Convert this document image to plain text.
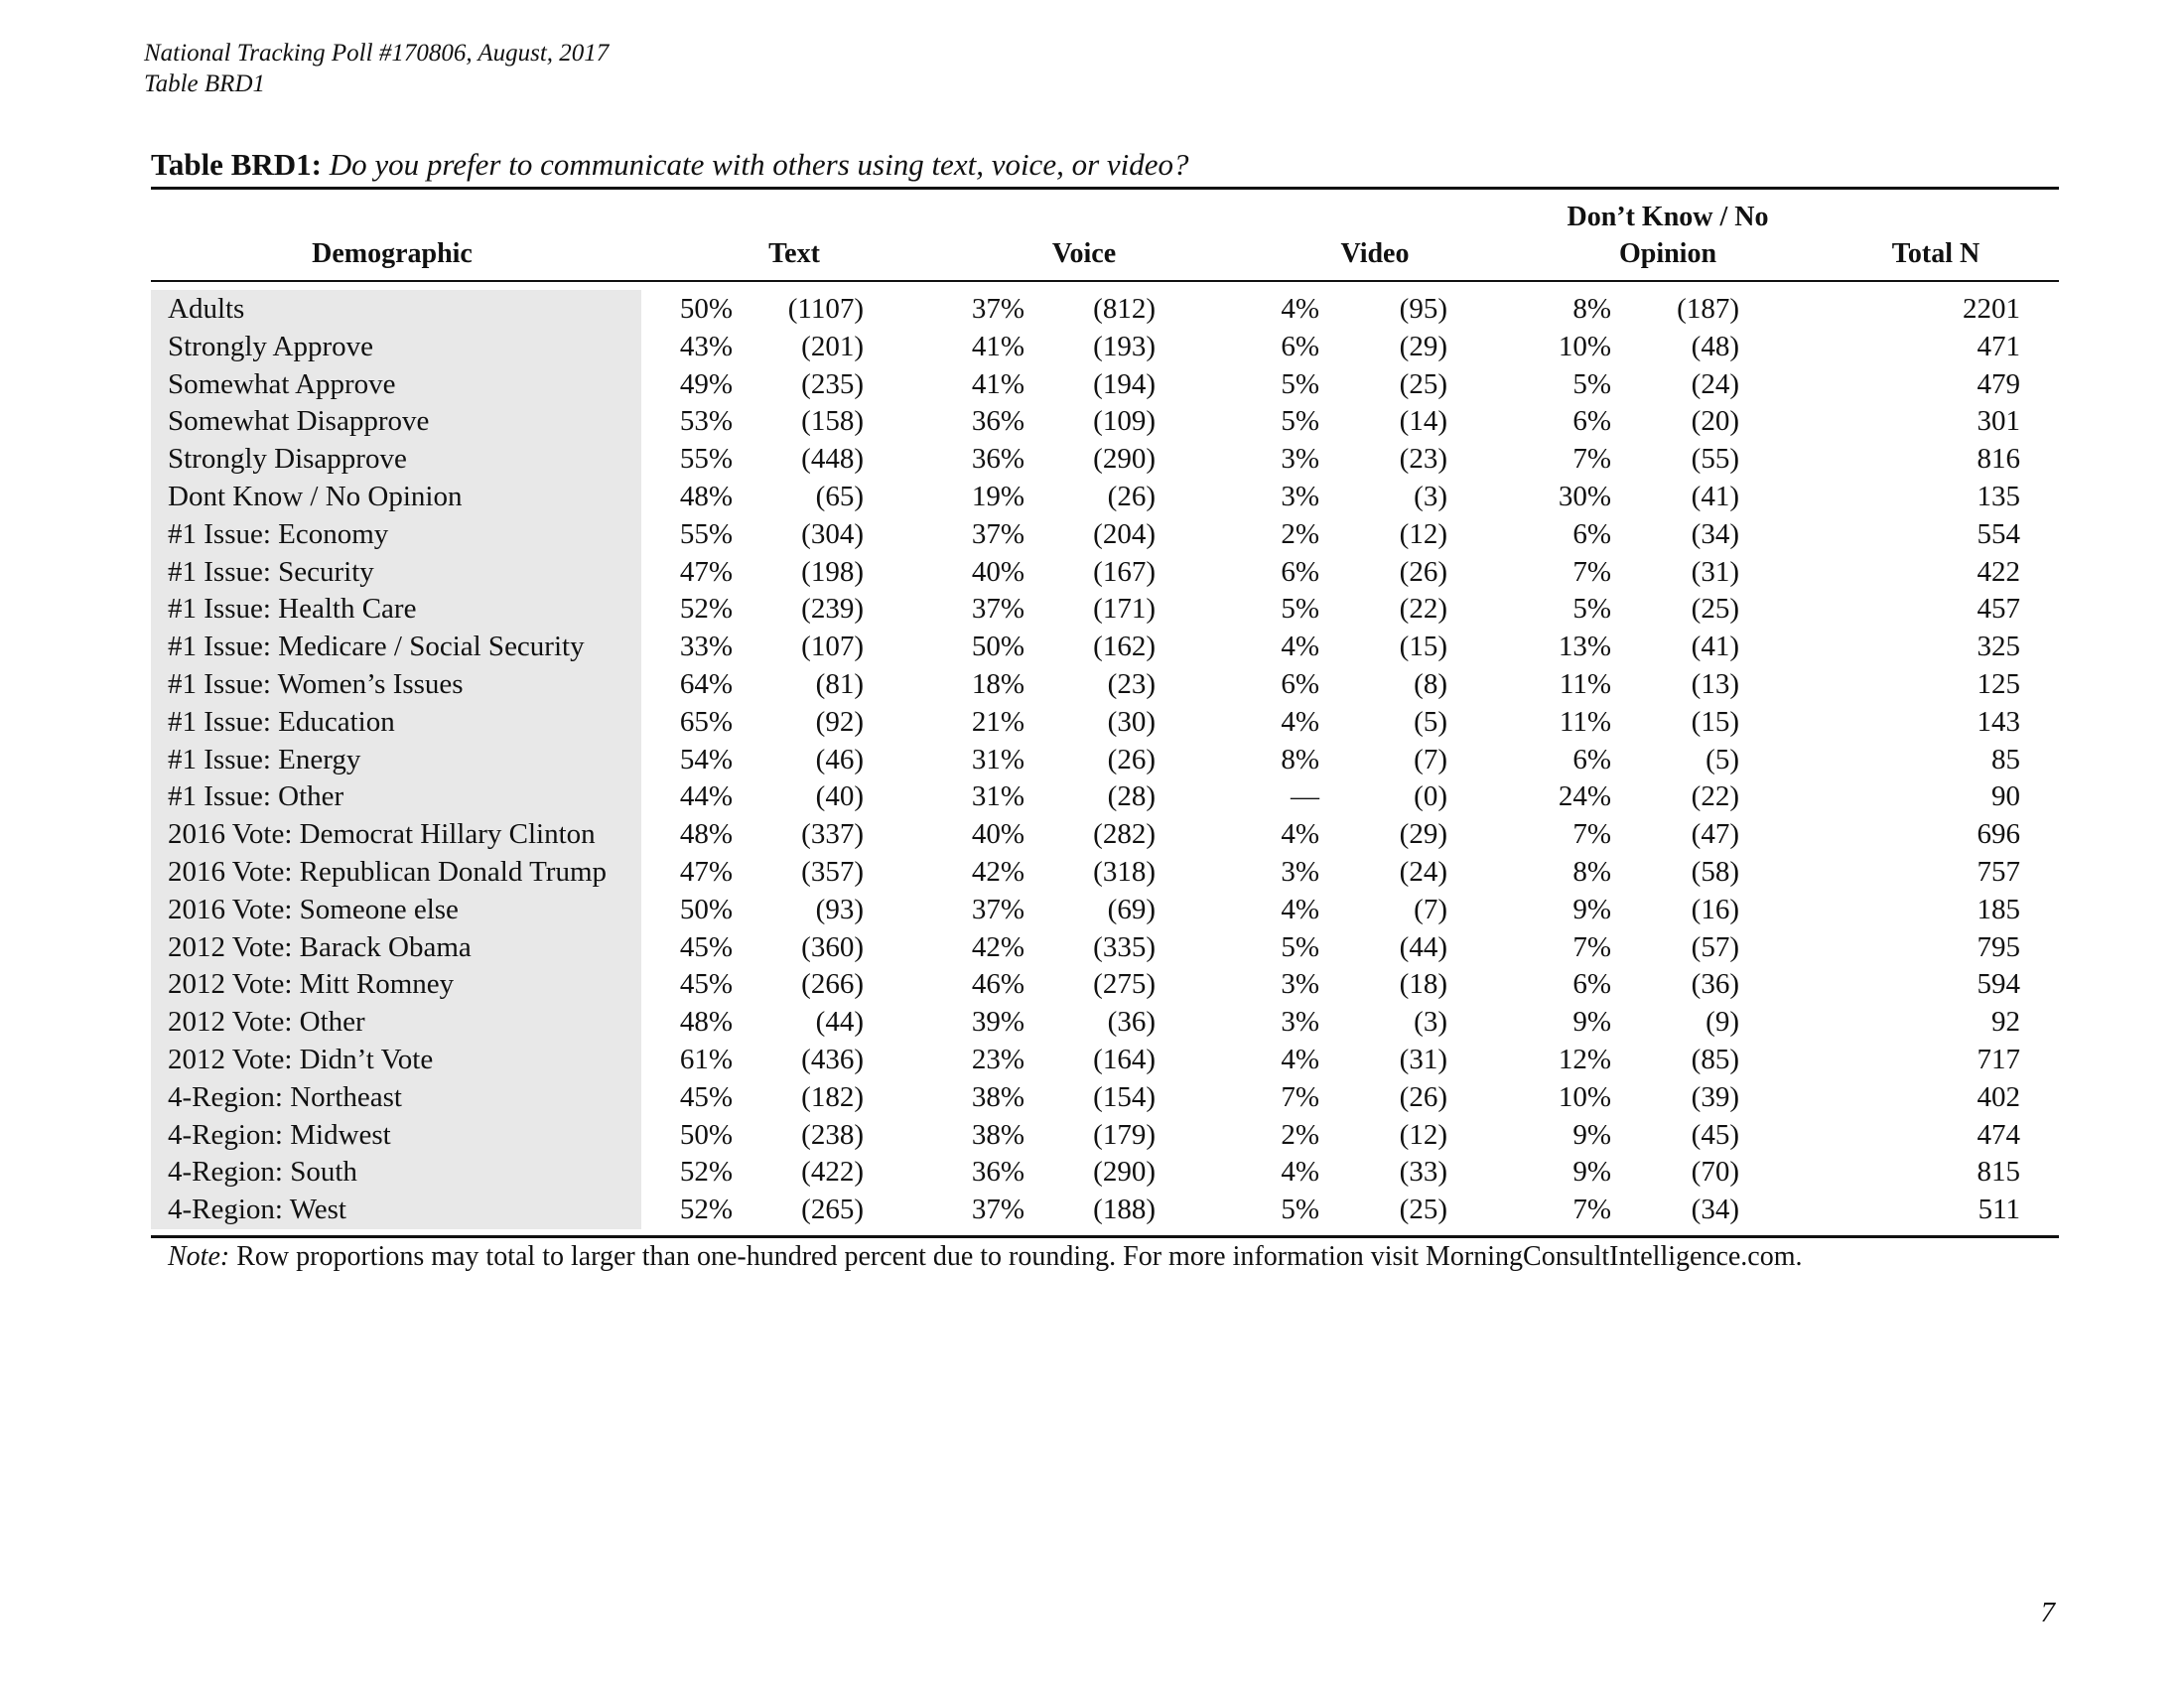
National Tracking Poll #170806, August, 2017
Table BRD1
Table BRD1: Do you prefer to communicate with others using text, voice, or video?
Demographic	Text	Voice	Video
Don’t Know / No
Opinion	Total N
Adults	50% (1107)	37% (812)	4%	(95)	8% (187)	2201
Strongly Approve	43% (201)	41% (193)	6%	(29)	10%	(48)	471
Somewhat Approve	49% (235)	41% (194)	5%	(25)	5%	(24)	479
Somewhat Disapprove	53% (158)	36% (109)	5%	(14)	6%	(20)	301
Strongly Disapprove	55% (448)	36% (290)	3%	(23)	7%	(55)	816
Dont Know / No Opinion	48%	(65)	19%	(26)	3%	(3)	30%	(41)	135
#1 Issue: Economy	55% (304)	37% (204)	2%	(12)	6%	(34)	554
#1 Issue: Security	47% (198)	40% (167)	6%	(26)	7%	(31)	422
#1 Issue: Health Care	52% (239)	37% (171)	5%	(22)	5%	(25)	457
#1 Issue: Medicare / Social Security	33% (107)	50% (162)	4%	(15)	13%	(41)	325
#1 Issue: Women’s Issues	64%	(81)	18%	(23)	6%	(8)	11%	(13)	125
#1 Issue: Education	65%	(92)	21%	(30)	4%	(5)	11%	(15)	143
#1 Issue: Energy	54%	(46)	31%	(26)	8%	(7)	6%	(5)	85
#1 Issue: Other	44%	(40)	31%	(28)	—	(0)	24%	(22)	90
2016 Vote: Democrat Hillary Clinton	48% (337)	40% (282)	4%	(29)	7%	(47)	696
2016 Vote: Republican Donald Trump	47% (357)	42% (318)	3%	(24)	8%	(58)	757
2016 Vote: Someone else	50%	(93)	37%	(69)	4%	(7)	9%	(16)	185
2012 Vote: Barack Obama	45% (360)	42% (335)	5%	(44)	7%	(57)	795
2012 Vote: Mitt Romney	45% (266)	46% (275)	3%	(18)	6%	(36)	594
2012 Vote: Other	48%	(44)	39%	(36)	3%	(3)	9%	(9)	92
2012 Vote: Didn’t Vote	61% (436)	23% (164)	4%	(31)	12%	(85)	717
4-Region: Northeast	45% (182)	38% (154)	7%	(26)	10%	(39)	402
4-Region: Midwest	50% (238)	38% (179)	2%	(12)	9%	(45)	474
4-Region: South	52% (422)	36% (290)	4%	(33)	9%	(70)	815
4-Region: West	52% (265)	37% (188)	5%	(25)	7%	(34)	511
Note: Row proportions may total to larger than one-hundred percent due to rounding. For more information visit MorningConsultIntelligence.com.
7
